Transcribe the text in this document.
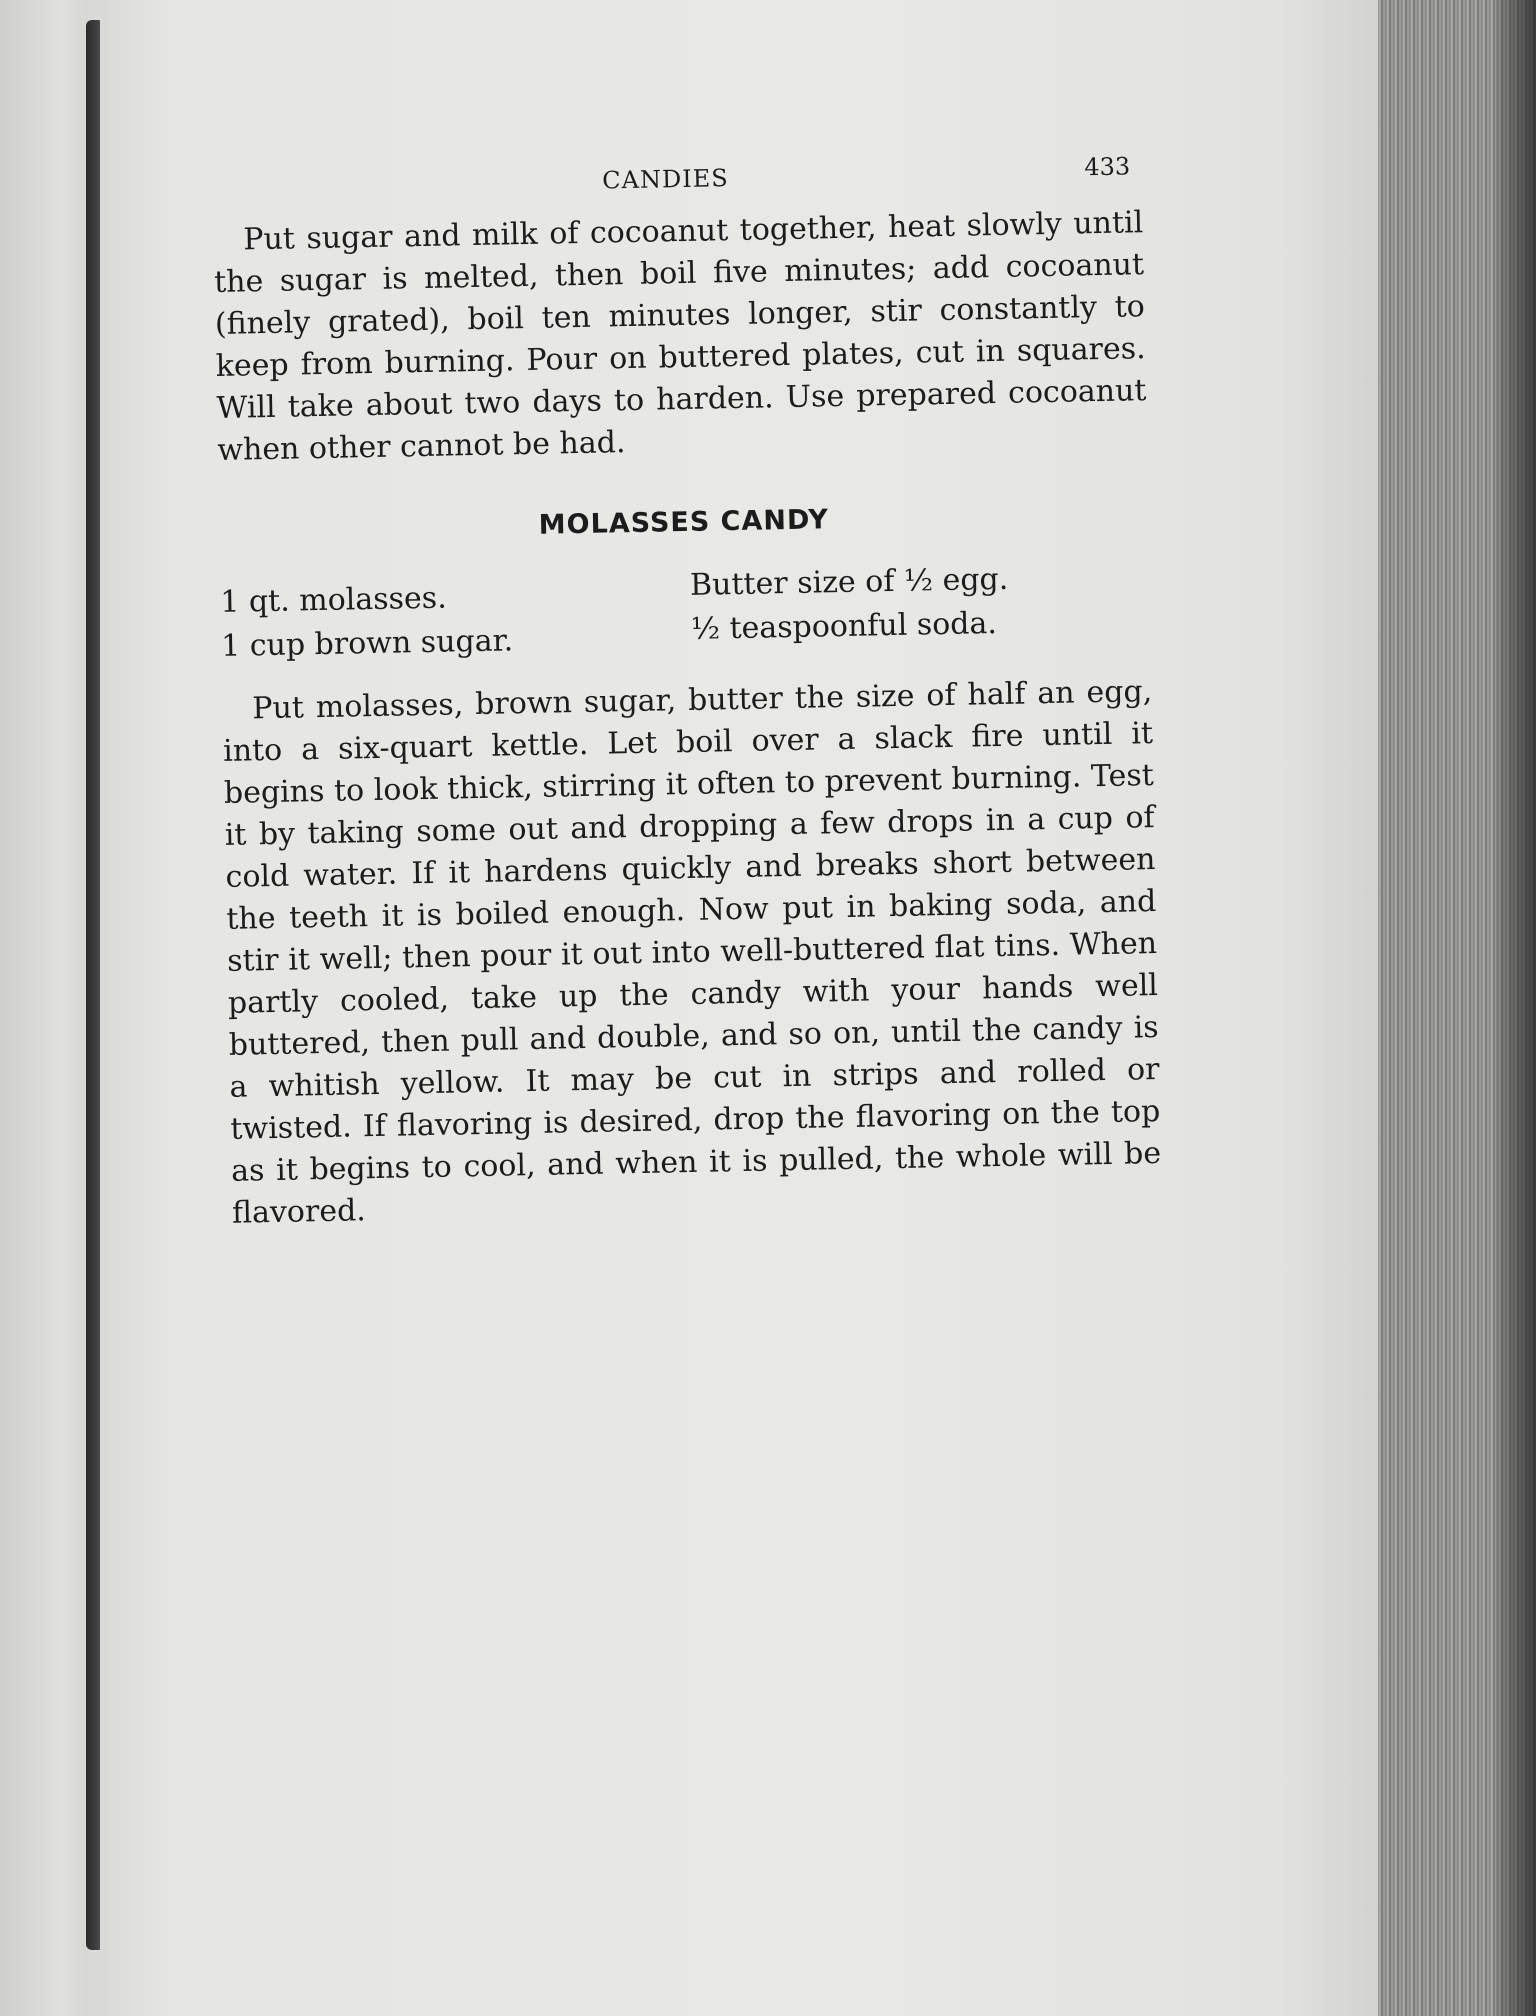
CANDIES	433

Put sugar and milk of cocoanut together, heat slowly until the sugar is melted, then boil five minutes; add cocoanut (finely grated), boil ten minutes longer, stir constantly to keep from burning. Pour on buttered plates, cut in squares. Will take about two days to harden. Use prepared cocoanut when other cannot be had.

MOLASSES CANDY
1 qt. molasses.
1 cup brown sugar.
Butter size of ½ egg.
½ teaspoonful soda.

Put molasses, brown sugar, butter the size of half an egg, into a six-quart kettle. Let boil over a slack fire until it begins to look thick, stirring it often to prevent burning. Test it by taking some out and dropping a few drops in a cup of cold water. If it hardens quickly and breaks short between the teeth it is boiled enough. Now put in baking soda, and stir it well; then pour it out into well-buttered flat tins. When partly cooled, take up the candy with your hands well buttered, then pull and double, and so on, until the candy is a whitish yellow. It may be cut in strips and rolled or twisted. If flavoring is desired, drop the flavoring on the top as it begins to cool, and when it is pulled, the whole will be flavored.
